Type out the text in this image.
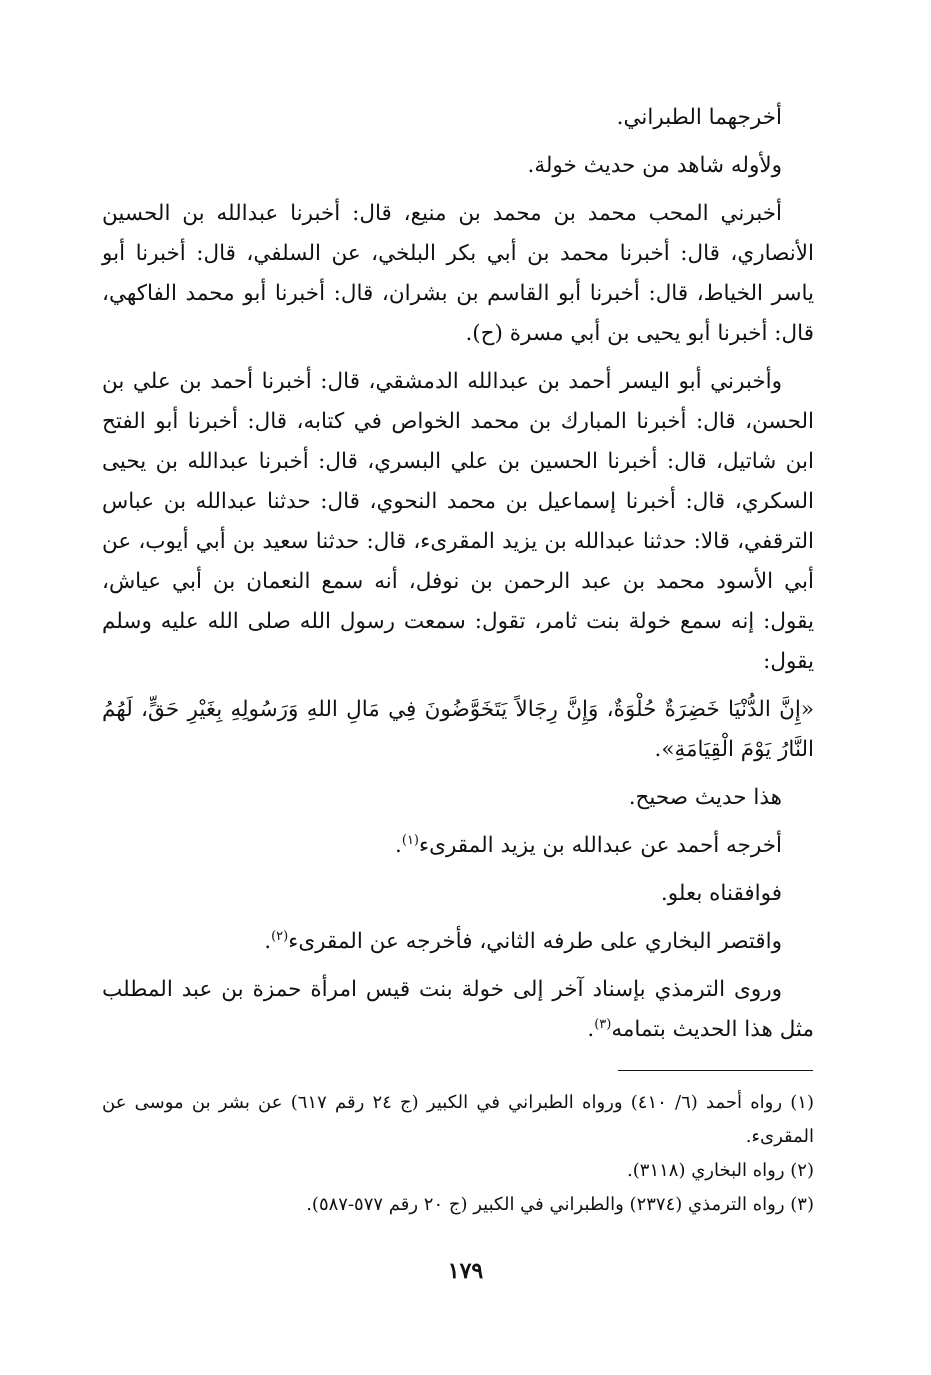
أخرجهما الطبراني.

ولأوله شاهد من حديث خولة.

أخبرني المحب محمد بن محمد بن منيع، قال: أخبرنا عبدالله بن الحسين الأنصاري، قال: أخبرنا محمد بن أبي بكر البلخي، عن السلفي، قال: أخبرنا أبو ياسر الخياط، قال: أخبرنا أبو القاسم بن بشران، قال: أخبرنا أبو محمد الفاكهي، قال: أخبرنا أبو يحيى بن أبي مسرة (ح).

وأخبرني أبو اليسر أحمد بن عبدالله الدمشقي، قال: أخبرنا أحمد بن علي بن الحسن، قال: أخبرنا المبارك بن محمد الخواص في كتابه، قال: أخبرنا أبو الفتح ابن شاتيل، قال: أخبرنا الحسين بن علي البسري، قال: أخبرنا عبدالله بن يحيى السكري، قال: أخبرنا إسماعيل بن محمد النحوي، قال: حدثنا عبدالله بن عباس الترقفي، قالا: حدثنا عبدالله بن يزيد المقرىء، قال: حدثنا سعيد بن أبي أيوب، عن أبي الأسود محمد بن عبد الرحمن بن نوفل، أنه سمع النعمان بن أبي عياش، يقول: إنه سمع خولة بنت ثامر، تقول: سمعت رسول الله صلى الله عليه وسلم يقول:

«إِنَّ الدُّنْيَا خَضِرَةٌ حُلْوَةٌ، وَإِنَّ رِجَالاً يَتَخَوَّضُونَ فِي مَالِ اللهِ وَرَسُولِهِ بِغَيْرِ حَقٍّ، لَهُمُ النَّارُ يَوْمَ الْقِيَامَةِ».

هذا حديث صحيح.

أخرجه أحمد عن عبدالله بن يزيد المقرىء$^{(١)}$.

فوافقناه بعلو.

واقتصر البخاري على طرفه الثاني، فأخرجه عن المقرىء$^{(٢)}$.

وروى الترمذي بإسناد آخر إلى خولة بنت قيس امرأة حمزة بن عبد المطلب مثل هذا الحديث بتمامه$^{(٣)}$.

(١) رواه أحمد (٦/ ٤١٠) ورواه الطبراني في الكبير (ج ٢٤ رقم ٦١٧) عن بشر بن موسى عن المقرىء.

(٢) رواه البخاري (٣١١٨).

(٣) رواه الترمذي (٢٣٧٤) والطبراني في الكبير (ج ٢٠ رقم ٥٧٧-٥٨٧).

١٧٩
